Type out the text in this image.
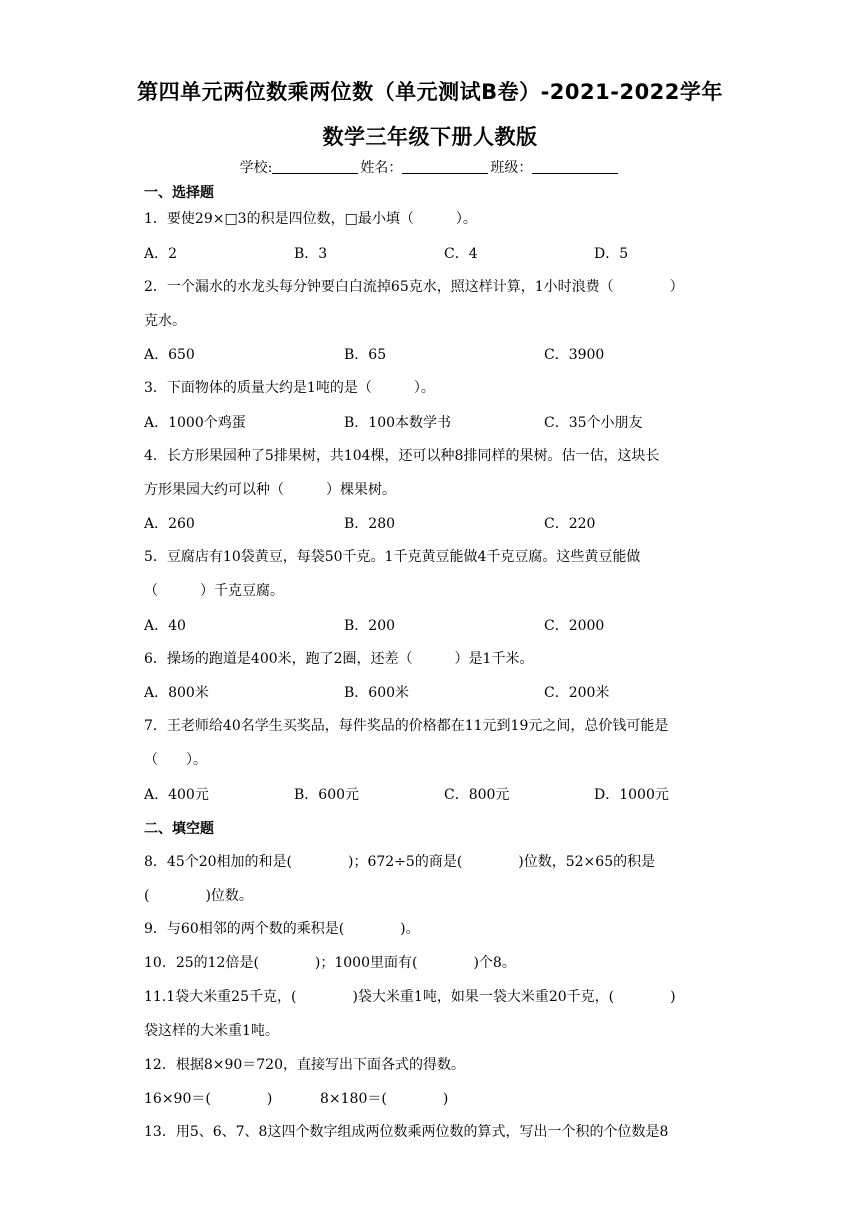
第四单元两位数乘两位数（单元测试B卷）-2021-2022学年
数学三年级下册人教版
学校:	姓名：	班级：
一、选择题
1．要使29×□3的积是四位数，□最小填（　　　）。
A．2	B．3	C．4	D．5
2．一个漏水的水龙头每分钟要白白流掉65克水，照这样计算，1小时浪费（　　　　）
克水。
A．650	B．65	C．3900
3．下面物体的质量大约是1吨的是（　　　）。
A．1000个鸡蛋	B．100本数学书	C．35个小朋友
4．长方形果园种了5排果树，共104棵，还可以种8排同样的果树。估一估，这块长
方形果园大约可以种（　　　）棵果树。
A．260	B．280	C．220
5．豆腐店有10袋黄豆，每袋50千克。1千克黄豆能做4千克豆腐。这些黄豆能做
（　　　）千克豆腐。
A．40	B．200	C．2000
6．操场的跑道是400米，跑了2圈，还差（　　　）是1千米。
A．800米	B．600米	C．200米
7．王老师给40名学生买奖品，每件奖品的价格都在11元到19元之间，总价钱可能是
（　　）。
A．400元	B．600元	C．800元	D．1000元
二、填空题
8．45个20相加的和是(　　　　)；672÷5的商是(　　　　)位数，52×65的积是
(　　　　)位数。
9．与60相邻的两个数的乘积是(　　　　)。
10．25的12倍是(　　　　)；1000里面有(　　　　)个8。
11.1袋大米重25千克，(　　　　)袋大米重1吨，如果一袋大米重20千克，(　　　　)
袋这样的大米重1吨。
12．根据8×90＝720，直接写出下面各式的得数。
16×90＝(　　　　)	8×180＝(　　　　)
13．用5、6、7、8这四个数字组成两位数乘两位数的算式，写出一个积的个位数是8
